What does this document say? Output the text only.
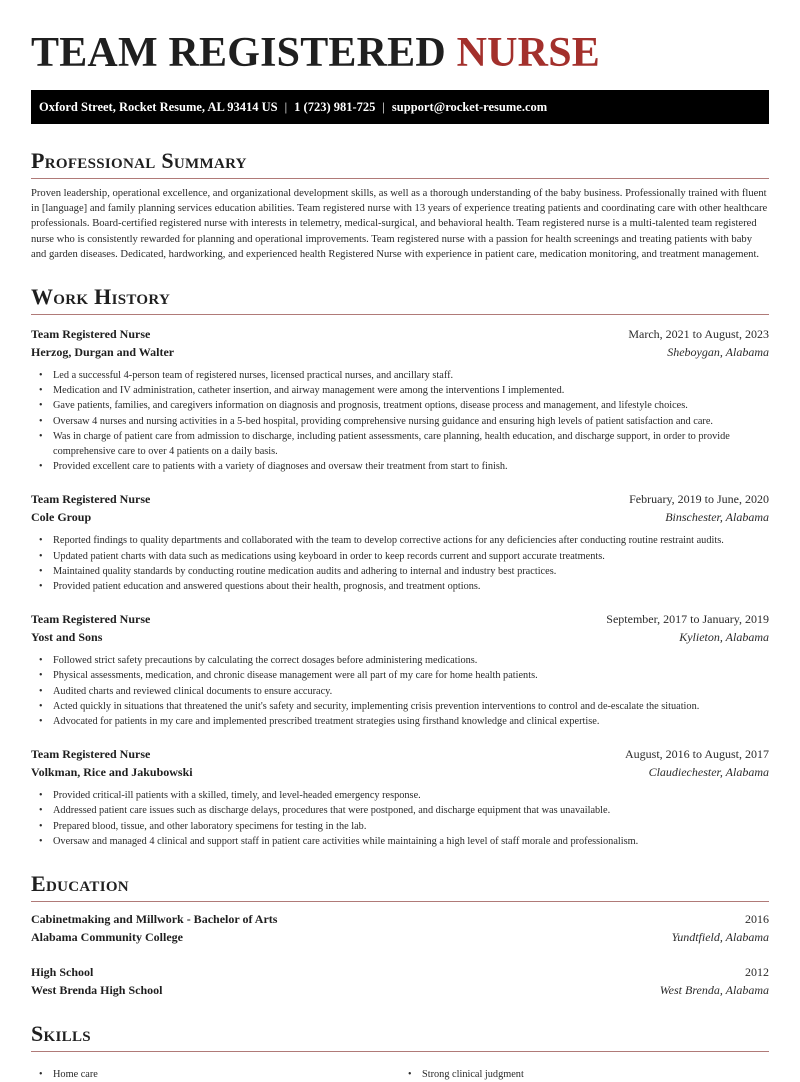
TEAM REGISTERED NURSE
Oxford Street, Rocket Resume, AL 93414 US | 1 (723) 981-725 | support@rocket-resume.com
Professional Summary

Proven leadership, operational excellence, and organizational development skills, as well as a thorough understanding of the baby business. Professionally trained with fluent in [language] and family planning services education abilities. Team registered nurse with 13 years of experience treating patients and coordinating care with other healthcare professionals. Board-certified registered nurse with interests in telemetry, medical-surgical, and behavioral health. Team registered nurse is a multi-talented team registered nurse who is consistently rewarded for planning and operational improvements. Team registered nurse with a passion for health screenings and treating patients with baby and garden diseases. Dedicated, hardworking, and experienced health Registered Nurse with experience in patient care, medication monitoring, and treatment management.

Work History
Team Registered Nurse	March, 2021 to August, 2023
Herzog, Durgan and Walter	Sheboygan, Alabama
• Led a successful 4-person team of registered nurses, licensed practical nurses, and ancillary staff.
• Medication and IV administration, catheter insertion, and airway management were among the interventions I implemented.
• Gave patients, families, and caregivers information on diagnosis and prognosis, treatment options, disease process and management, and lifestyle choices.
• Oversaw 4 nurses and nursing activities in a 5-bed hospital, providing comprehensive nursing guidance and ensuring high levels of patient satisfaction and care.
• Was in charge of patient care from admission to discharge, including patient assessments, care planning, health education, and discharge support, in order to provide comprehensive care to over 4 patients on a daily basis.
• Provided excellent care to patients with a variety of diagnoses and oversaw their treatment from start to finish.
Team Registered Nurse	February, 2019 to June, 2020
Cole Group	Binschester, Alabama
• Reported findings to quality departments and collaborated with the team to develop corrective actions for any deficiencies after conducting routine restraint audits.
• Updated patient charts with data such as medications using keyboard in order to keep records current and support accurate treatments.
• Maintained quality standards by conducting routine medication audits and adhering to internal and industry best practices.
• Provided patient education and answered questions about their health, prognosis, and treatment options.
Team Registered Nurse	September, 2017 to January, 2019
Yost and Sons	Kylieton, Alabama
• Followed strict safety precautions by calculating the correct dosages before administering medications.
• Physical assessments, medication, and chronic disease management were all part of my care for home health patients.
• Audited charts and reviewed clinical documents to ensure accuracy.
• Acted quickly in situations that threatened the unit's safety and security, implementing crisis prevention interventions to control and de-escalate the situation.
• Advocated for patients in my care and implemented prescribed treatment strategies using firsthand knowledge and clinical expertise.
Team Registered Nurse	August, 2016 to August, 2017
Volkman, Rice and Jakubowski	Claudiechester, Alabama
• Provided critical-ill patients with a skilled, timely, and level-headed emergency response.
• Addressed patient care issues such as discharge delays, procedures that were postponed, and discharge equipment that was unavailable.
• Prepared blood, tissue, and other laboratory specimens for testing in the lab.
• Oversaw and managed 4 clinical and support staff in patient care activities while maintaining a high level of staff morale and professionalism.
Education
Cabinetmaking and Millwork - Bachelor of Arts	2016
Alabama Community College	Yundtfield, Alabama
High School	2012
West Brenda High School	West Brenda, Alabama
Skills
• Home care	• Strong clinical judgment
